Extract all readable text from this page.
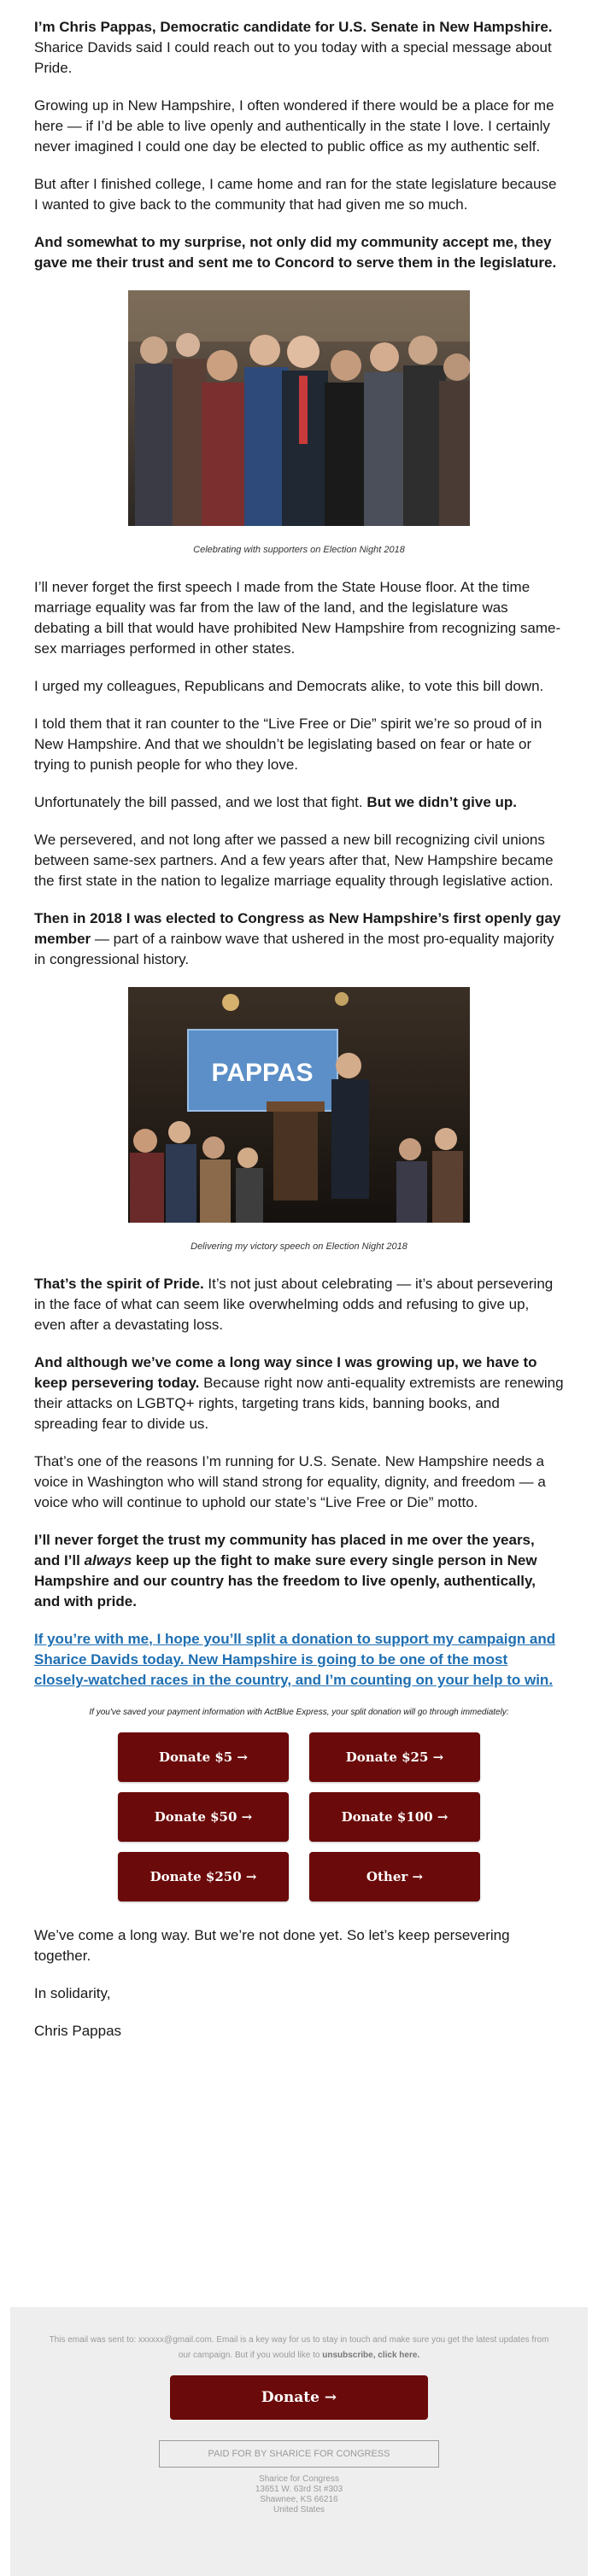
I’m Chris Pappas, Democratic candidate for U.S. Senate in New Hampshire. Sharice Davids said I could reach out to you today with a special message about Pride.

Growing up in New Hampshire, I often wondered if there would be a place for me here — if I’d be able to live openly and authentically in the state I love. I certainly never imagined I could one day be elected to public office as my authentic self.

But after I finished college, I came home and ran for the state legislature because I wanted to give back to the community that had given me so much.

And somewhat to my surprise, not only did my community accept me, they gave me their trust and sent me to Concord to serve them in the legislature.

Celebrating with supporters on Election Night 2018

I’ll never forget the first speech I made from the State House floor. At the time marriage equality was far from the law of the land, and the legislature was debating a bill that would have prohibited New Hampshire from recognizing same-sex marriages performed in other states.

I urged my colleagues, Republicans and Democrats alike, to vote this bill down.

I told them that it ran counter to the “Live Free or Die” spirit we’re so proud of in New Hampshire. And that we shouldn’t be legislating based on fear or hate or trying to punish people for who they love.

Unfortunately the bill passed, and we lost that fight. But we didn’t give up.

We persevered, and not long after we passed a new bill recognizing civil unions between same-sex partners. And a few years after that, New Hampshire became the first state in the nation to legalize marriage equality through legislative action.

Then in 2018 I was elected to Congress as New Hampshire’s first openly gay member — part of a rainbow wave that ushered in the most pro-equality majority in congressional history.

PAPPAS

Delivering my victory speech on Election Night 2018

That’s the spirit of Pride. It’s not just about celebrating — it’s about persevering in the face of what can seem like overwhelming odds and refusing to give up, even after a devastating loss.

And although we’ve come a long way since I was growing up, we have to keep persevering today. Because right now anti-equality extremists are renewing their attacks on LGBTQ+ rights, targeting trans kids, banning books, and spreading fear to divide us.

That’s one of the reasons I’m running for U.S. Senate. New Hampshire needs a voice in Washington who will stand strong for equality, dignity, and freedom — a voice who will continue to uphold our state’s “Live Free or Die” motto.

I’ll never forget the trust my community has placed in me over the years, and I’ll always keep up the fight to make sure every single person in New Hampshire and our country has the freedom to live openly, authentically, and with pride.

If you’re with me, I hope you’ll split a donation to support my campaign and Sharice Davids today. New Hampshire is going to be one of the most closely-watched races in the country, and I’m counting on your help to win.

If you've saved your payment information with ActBlue Express, your split donation will go through immediately:

Donate $5 →	Donate $25 →
Donate $50 →	Donate $100 →
Donate $250 →	Other →

We’ve come a long way. But we’re not done yet. So let’s keep persevering together.

In solidarity,

Chris Pappas

This email was sent to: xxxxxx@gmail.com. Email is a key way for us to stay in touch and make sure you get the latest updates from our campaign. But if you would like to unsubscribe, click here.

Donate →
PAID FOR BY SHARICE FOR CONGRESS
Sharice for Congress
13651 W. 63rd St #303
Shawnee, KS 66216
United States
